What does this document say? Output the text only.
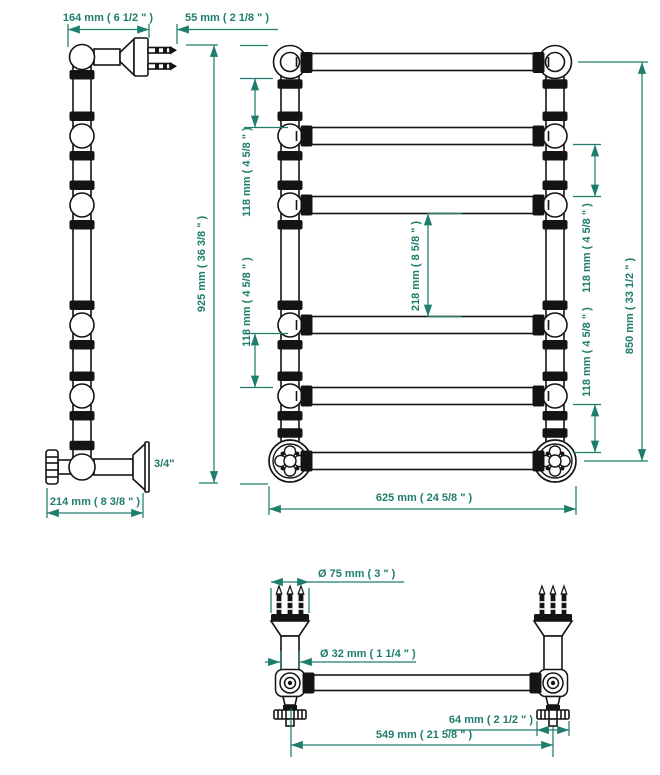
164 mm ( 6 1/2 " )	55 mm ( 2 1/8 " )
925 mm ( 36 3/8 " )
214 mm ( 8 3/8 " )
3/4"
118 mm ( 4 5/8 " )
118 mm ( 4 5/8 " )	218 mm ( 8 5/8 " )	118 mm ( 4 5/8 " )
118 mm ( 4 5/8 " )	850 mm ( 33 1/2 " )
625 mm ( 24 5/8 " )
Ø 75 mm ( 3 " )
Ø 32 mm ( 1 1/4 " )
64 mm ( 2 1/2 " )
549 mm ( 21 5/8 " )
